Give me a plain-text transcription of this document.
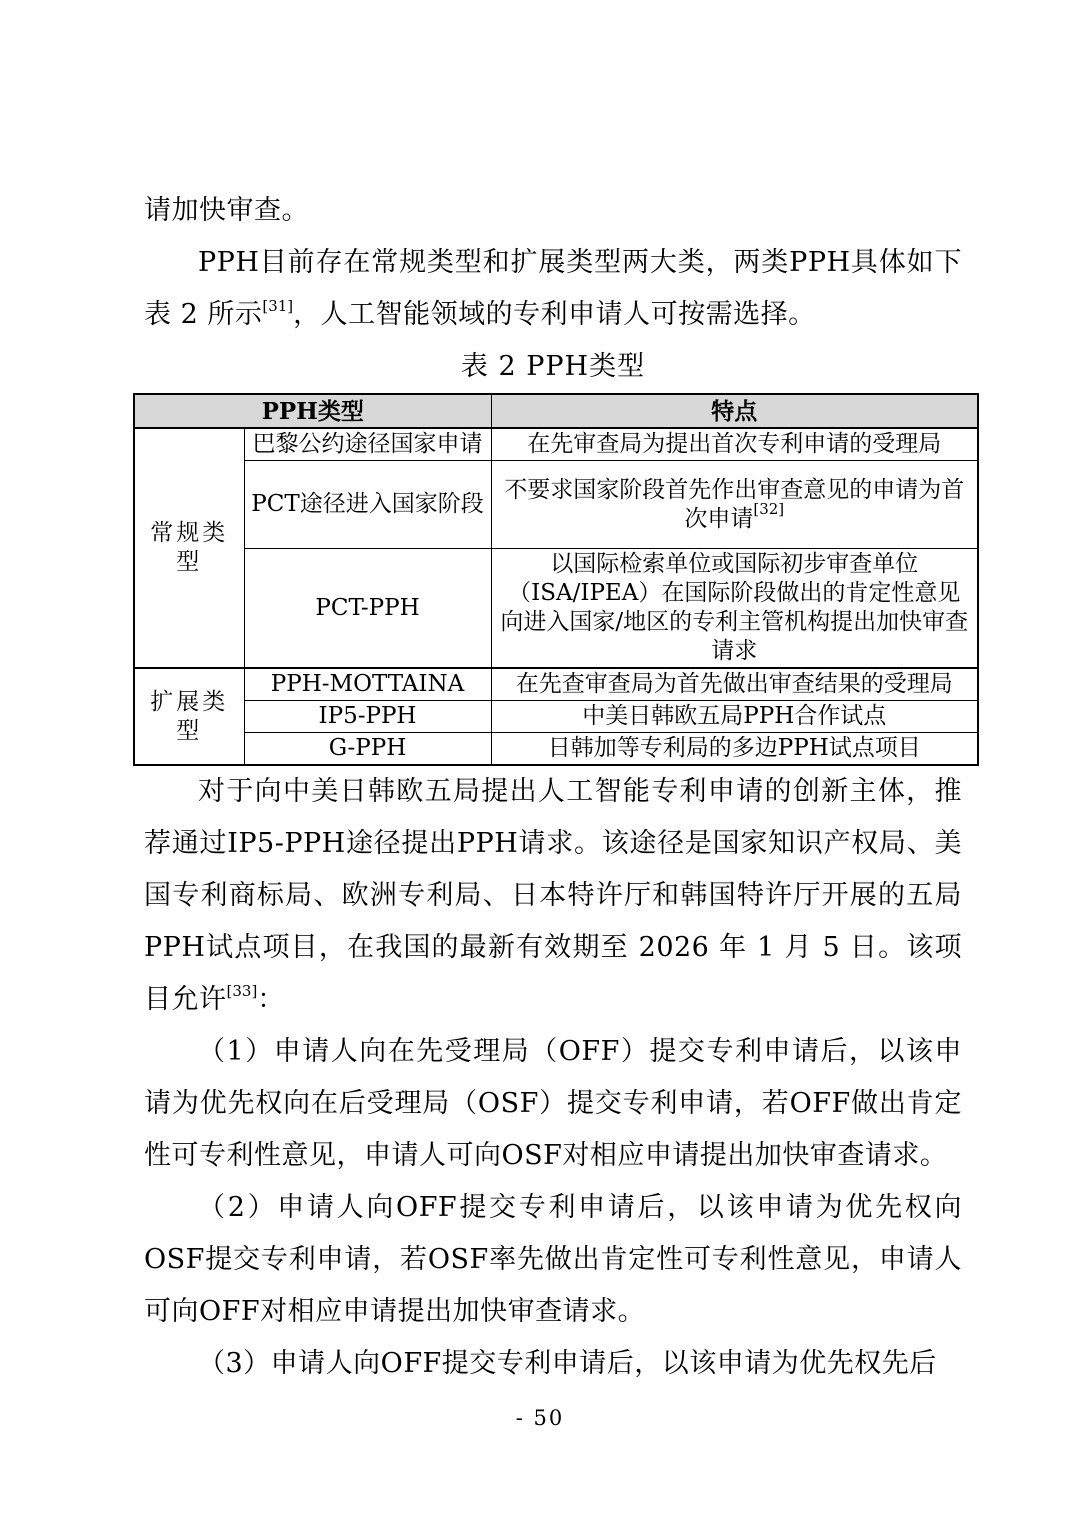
请加快审查。

PPH目前存在常规类型和扩展类型两大类，两类PPH具体如下表 2 所示[31]，人工智能领域的专利申请人可按需选择。

表 2 PPH类型

PPH类型		特点
常规类型	巴黎公约途径国家申请	在先审查局为提出首次专利申请的受理局
	PCT途径进入国家阶段	不要求国家阶段首先作出审查意见的申请为首次申请[32]
	PCT-PPH	以国际检索单位或国际初步审查单位（ISA/IPEA）在国际阶段做出的肯定性意见向进入国家/地区的专利主管机构提出加快审查请求
扩展类型	PPH-MOTTAINA	在先查审查局为首先做出审查结果的受理局
	IP5-PPH	中美日韩欧五局PPH合作试点
	G-PPH	日韩加等专利局的多边PPH试点项目

对于向中美日韩欧五局提出人工智能专利申请的创新主体，推荐通过IP5-PPH途径提出PPH请求。该途径是国家知识产权局、美国专利商标局、欧洲专利局、日本特许厅和韩国特许厅开展的五局PPH试点项目，在我国的最新有效期至 2026 年 1 月 5 日。该项目允许[33]：

（1）申请人向在先受理局（OFF）提交专利申请后，以该申请为优先权向在后受理局（OSF）提交专利申请，若OFF做出肯定性可专利性意见，申请人可向OSF对相应申请提出加快审查请求。

（2）申请人向OFF提交专利申请后，以该申请为优先权向OSF提交专利申请，若OSF率先做出肯定性可专利性意见，申请人可向OFF对相应申请提出加快审查请求。

（3）申请人向OFF提交专利申请后，以该申请为优先权先后

- 50
